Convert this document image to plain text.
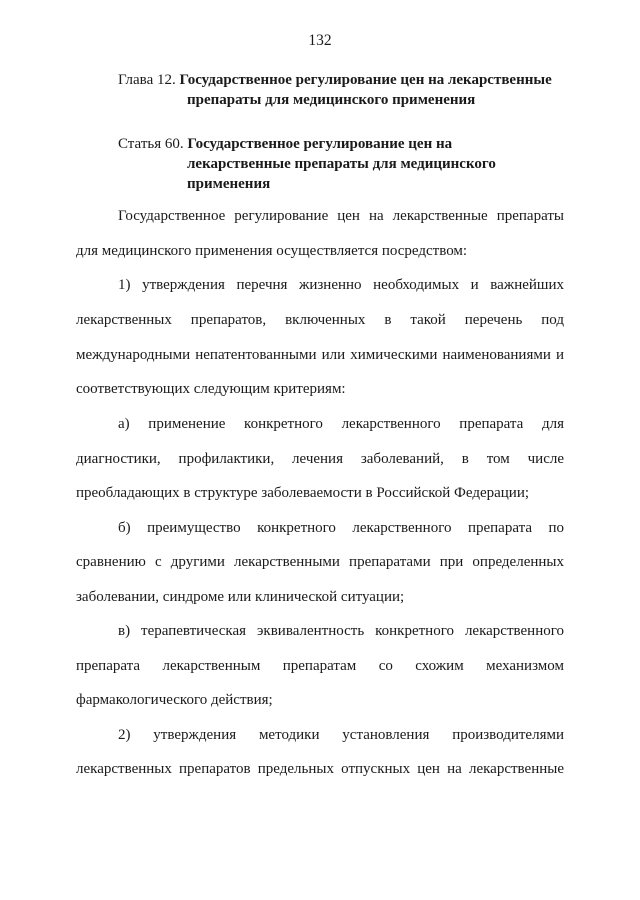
132
Глава 12. Государственное регулирование цен на лекарственные
препараты для медицинского применения
Статья 60. Государственное регулирование цен на
лекарственные препараты для медицинского
применения
Государственное регулирование цен на лекарственные препараты
для медицинского применения осуществляется посредством:
1) утверждения перечня жизненно необходимых и важнейших
лекарственных препаратов, включенных в такой перечень под
международными непатентованными или химическими наименованиями и
соответствующих следующим критериям:
а) применение конкретного лекарственного препарата для
диагностики, профилактики, лечения заболеваний, в том числе
преобладающих в структуре заболеваемости в Российской Федерации;
б) преимущество конкретного лекарственного препарата по
сравнению с другими лекарственными препаратами при определенных
заболевании, синдроме или клинической ситуации;
в) терапевтическая эквивалентность конкретного лекарственного
препарата лекарственным препаратам со схожим механизмом
фармакологического действия;
2) утверждения методики установления производителями
лекарственных препаратов предельных отпускных цен на лекарственные
